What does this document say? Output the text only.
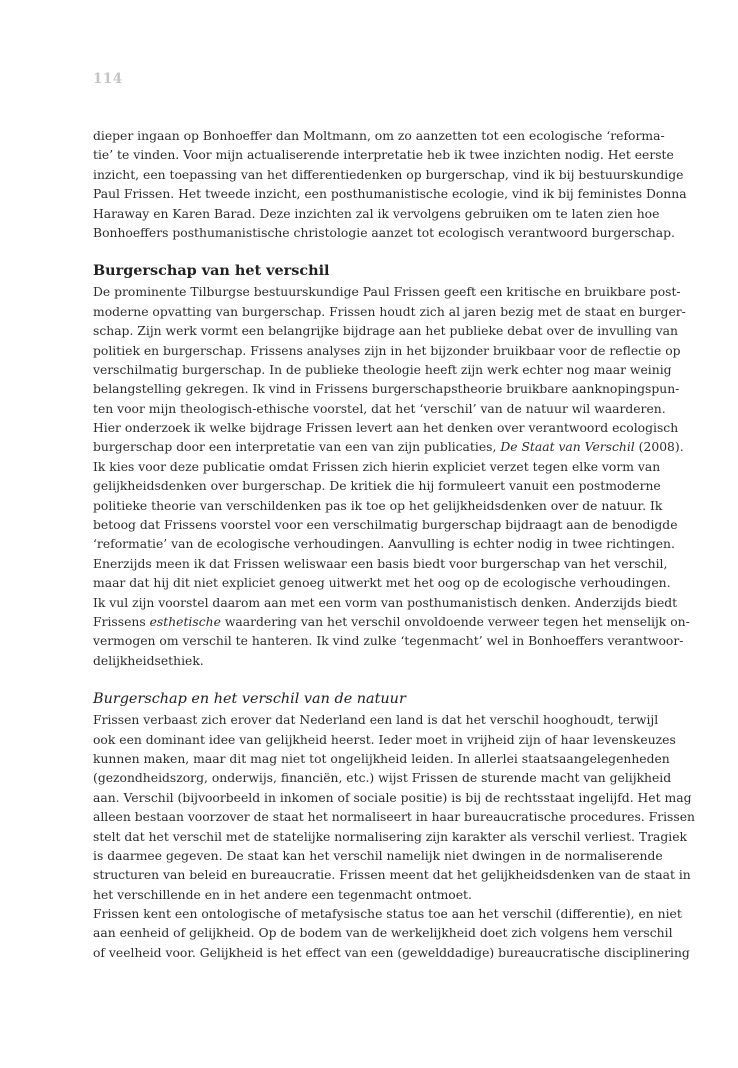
114

dieper ingaan op Bonhoeffer dan Moltmann, om zo aanzetten tot een ecologische ‘reforma-
tie’ te vinden. Voor mijn actualiserende interpretatie heb ik twee inzichten nodig. Het eerste
inzicht, een toepassing van het differentiedenken op burgerschap, vind ik bij bestuurskundige
Paul Frissen. Het tweede inzicht, een posthumanistische ecologie, vind ik bij feministes Donna
Haraway en Karen Barad. Deze inzichten zal ik vervolgens gebruiken om te laten zien hoe
Bonhoeffers posthumanistische christologie aanzet tot ecologisch verantwoord burgerschap.

Burgerschap van het verschil

De prominente Tilburgse bestuurskundige Paul Frissen geeft een kritische en bruikbare post-
moderne opvatting van burgerschap. Frissen houdt zich al jaren bezig met de staat en burger-
schap. Zijn werk vormt een belangrijke bijdrage aan het publieke debat over de invulling van
politiek en burgerschap. Frissens analyses zijn in het bijzonder bruikbaar voor de reflectie op
verschilmatig burgerschap. In de publieke theologie heeft zijn werk echter nog maar weinig
belangstelling gekregen. Ik vind in Frissens burgerschapstheorie bruikbare aanknopingspun-
ten voor mijn theologisch-ethische voorstel, dat het ‘verschil’ van de natuur wil waarderen.

Hier onderzoek ik welke bijdrage Frissen levert aan het denken over verantwoord ecologisch
burgerschap door een interpretatie van een van zijn publicaties, De Staat van Verschil (2008).
Ik kies voor deze publicatie omdat Frissen zich hierin expliciet verzet tegen elke vorm van
gelijkheidsdenken over burgerschap. De kritiek die hij formuleert vanuit een postmoderne
politieke theorie van verschildenken pas ik toe op het gelijkheidsdenken over de natuur. Ik
betoog dat Frissens voorstel voor een verschilmatig burgerschap bijdraagt aan de benodigde
‘reformatie’ van de ecologische verhoudingen. Aanvulling is echter nodig in twee richtingen.
Enerzijds meen ik dat Frissen weliswaar een basis biedt voor burgerschap van het verschil,
maar dat hij dit niet expliciet genoeg uitwerkt met het oog op de ecologische verhoudingen.
Ik vul zijn voorstel daarom aan met een vorm van posthumanistisch denken. Anderzijds biedt
Frissens esthetische waardering van het verschil onvoldoende verweer tegen het menselijk on-
vermogen om verschil te hanteren. Ik vind zulke ‘tegenmacht’ wel in Bonhoeffers verantwoor-
delijkheidsethiek.

Burgerschap en het verschil van de natuur

Frissen verbaast zich erover dat Nederland een land is dat het verschil hooghoudt, terwijl
ook een dominant idee van gelijkheid heerst. Ieder moet in vrijheid zijn of haar levenskeuzes
kunnen maken, maar dit mag niet tot ongelijkheid leiden. In allerlei staatsaangelegenheden
(gezondheidszorg, onderwijs, financiën, etc.) wijst Frissen de sturende macht van gelijkheid
aan. Verschil (bijvoorbeeld in inkomen of sociale positie) is bij de rechtsstaat ingelijfd. Het mag
alleen bestaan voorzover de staat het normaliseert in haar bureaucratische procedures. Frissen
stelt dat het verschil met de statelijke normalisering zijn karakter als verschil verliest. Tragiek
is daarmee gegeven. De staat kan het verschil namelijk niet dwingen in de normaliserende
structuren van beleid en bureaucratie. Frissen meent dat het gelijkheidsdenken van de staat in
het verschillende en in het andere een tegenmacht ontmoet.

Frissen kent een ontologische of metafysische status toe aan het verschil (differentie), en niet
aan eenheid of gelijkheid. Op de bodem van de werkelijkheid doet zich volgens hem verschil
of veelheid voor. Gelijkheid is het effect van een (gewelddadige) bureaucratische disciplinering
